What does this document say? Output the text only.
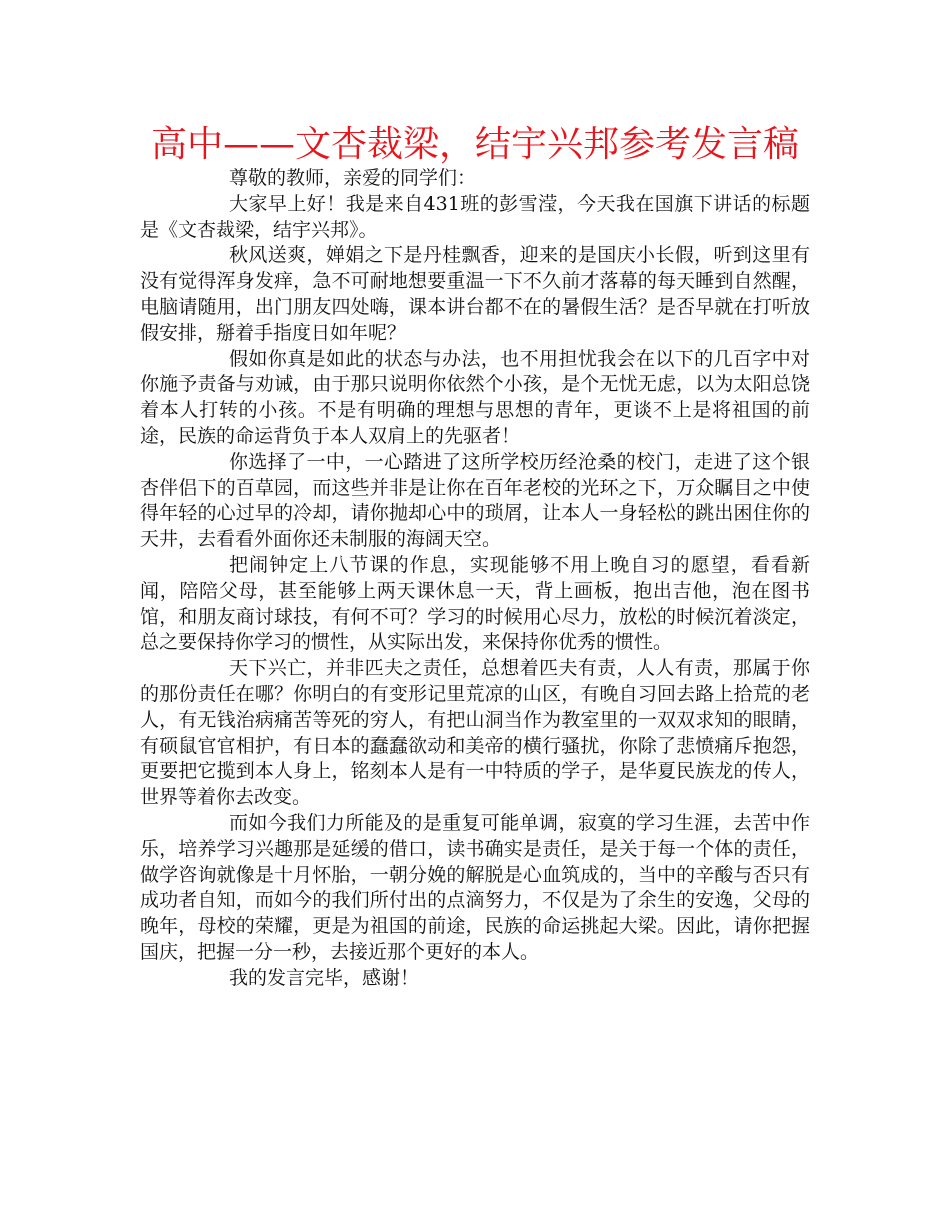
高中——文杏裁梁，结宇兴邦参考发言稿

尊敬的教师，亲爱的同学们：

大家早上好！我是来自431班的彭雪滢，今天我在国旗下讲话的标题是《文杏裁梁，结宇兴邦》。

秋风送爽，婵娟之下是丹桂飘香，迎来的是国庆小长假，听到这里有没有觉得浑身发痒，急不可耐地想要重温一下不久前才落幕的每天睡到自然醒，电脑请随用，出门朋友四处嗨，课本讲台都不在的暑假生活？是否早就在打听放假安排，掰着手指度日如年呢？

假如你真是如此的状态与办法，也不用担忧我会在以下的几百字中对你施予责备与劝诫，由于那只说明你依然个小孩，是个无忧无虑，以为太阳总饶着本人打转的小孩。不是有明确的理想与思想的青年，更谈不上是将祖国的前途，民族的命运背负于本人双肩上的先驱者！

你选择了一中，一心踏进了这所学校历经沧桑的校门，走进了这个银杏伴侣下的百草园，而这些并非是让你在百年老校的光环之下，万众瞩目之中使得年轻的心过早的冷却，请你抛却心中的琐屑，让本人一身轻松的跳出困住你的天井，去看看外面你还未制服的海阔天空。

把闹钟定上八节课的作息，实现能够不用上晚自习的愿望，看看新闻，陪陪父母，甚至能够上两天课休息一天，背上画板，抱出吉他，泡在图书馆，和朋友商讨球技，有何不可？学习的时候用心尽力，放松的时候沉着淡定，总之要保持你学习的惯性，从实际出发，来保持你优秀的惯性。

天下兴亡，并非匹夫之责任，总想着匹夫有责，人人有责，那属于你的那份责任在哪？你明白的有变形记里荒凉的山区，有晚自习回去路上拾荒的老人，有无钱治病痛苦等死的穷人，有把山洞当作为教室里的一双双求知的眼睛，有硕鼠官官相护，有日本的蠢蠢欲动和美帝的横行骚扰，你除了悲愤痛斥抱怨，更要把它揽到本人身上，铭刻本人是有一中特质的学子，是华夏民族龙的传人，世界等着你去改变。

而如今我们力所能及的是重复可能单调，寂寞的学习生涯，去苦中作乐，培养学习兴趣那是延缓的借口，读书确实是责任，是关于每一个体的责任，做学咨询就像是十月怀胎，一朝分娩的解脱是心血筑成的，当中的辛酸与否只有成功者自知，而如今的我们所付出的点滴努力，不仅是为了余生的安逸，父母的晚年，母校的荣耀，更是为祖国的前途，民族的命运挑起大梁。因此，请你把握国庆，把握一分一秒，去接近那个更好的本人。

我的发言完毕，感谢！
